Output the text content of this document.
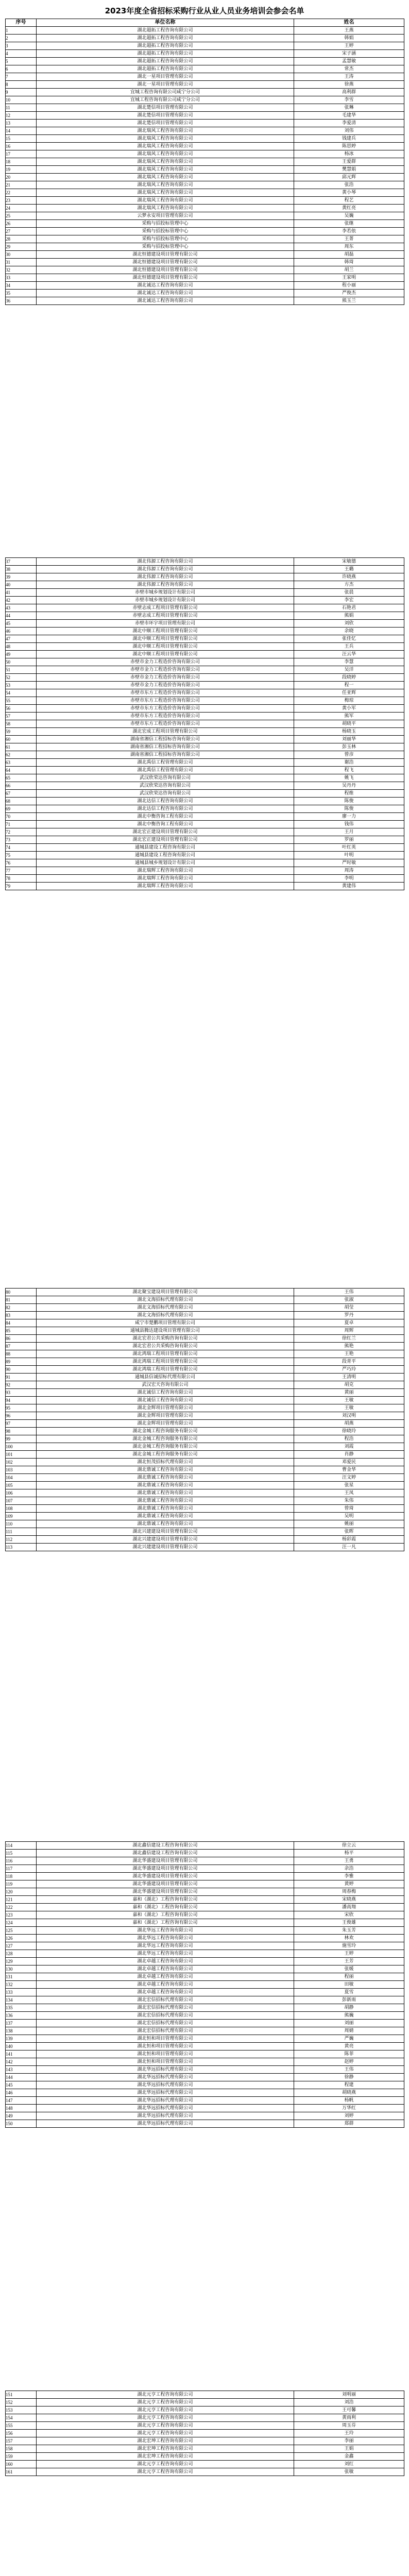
2023年度全省招标采购行业从业人员业务培训会参会名单
序号	单位名称	姓名
1	湖北超拓工程咨询有限公司	王燕
2	湖北超拓工程咨询有限公司	韩娟
3	湖北超拓工程咨询有限公司	王婷
4	湖北超拓工程咨询有限公司	宋子涵
5	湖北超拓工程咨询有限公司	孟慧敏
6	湖北超拓工程咨询有限公司	常杰
7	湖北一星项目管理有限公司	王涛
8	湖北一星项目管理有限公司	徐燕
9	宜城工程咨询有限公司咸宁分公司	高利群
10	宜城工程咨询有限公司咸宁分公司	李雪
11	湖北楚信项目管理有限公司	张琳
12	湖北楚信项目管理有限公司	毛建华
13	湖北楚信项目管理有限公司	李爱清
14	湖北瑞风工程咨询有限公司	刘伟
15	湖北瑞风工程咨询有限公司	钱建兵
16	湖北瑞风工程咨询有限公司	陈思婷
17	湖北瑞风工程咨询有限公司	杨冰
18	湖北瑞风工程咨询有限公司	王爱群
19	湖北瑞风工程咨询有限公司	樊慧娟
20	湖北瑞风工程咨询有限公司	邱元辉
21	湖北瑞风工程咨询有限公司	张浩
22	湖北瑞风工程咨询有限公司	黄小琴
23	湖北瑞风工程咨询有限公司	程艺
24	湖北瑞风工程咨询有限公司	黄红亮
25	云梦永安项目管理有限公司	吴巍
26	采购与招投标管理中心	张继
27	采购与招投标管理中心	李若依
28	采购与招投标管理中心	王菁
29	采购与招投标管理中心	周东
30	湖北恒德建设项目管理有限公司	胡磊
31	湖北恒德建设项目管理有限公司	韩琦
32	湖北恒德建设项目管理有限公司	胡兰
33	湖北恒德建设项目管理有限公司	王家明
34	湖北诚达工程咨询有限公司	程小丽
35	湖北诚达工程咨询有限公司	严俊杰
36	湖北诚达工程咨询有限公司	熊玉兰
37	湖北伟源工程咨询有限公司	宋敏德
38	湖北伟源工程咨询有限公司	王璐
39	湖北伟源工程咨询有限公司	许晓燕
40	湖北伟源工程咨询有限公司	方杰
41	赤壁市城乡规划设计有限公司	张晨
42	赤壁市城乡规划设计有限公司	李宏
43	赤壁志成工程项目管理有限公司	石艳君
44	赤壁志成工程项目管理有限公司	熊娟
45	赤壁市环宇项目管理有限公司	刘欣
46	湖北中顺工程项目管理有限公司	余晓
47	湖北中顺工程项目管理有限公司	张佳忆
48	湖北中顺工程项目管理有限公司	王兵
49	湖北中顺工程项目管理有限公司	汪云华
50	赤壁市金力工程造价咨询有限公司	李慧
51	赤壁市金力工程造价咨询有限公司	吴洋
52	赤壁市金力工程造价咨询有限公司	段晓婷
53	赤壁市金力工程造价咨询有限公司	程一
54	赤壁市东方工程造价咨询有限公司	任亚辉
55	赤壁市东方工程造价咨询有限公司	梅琼
56	赤壁市东方工程造价咨询有限公司	黄小军
57	赤壁市东方工程造价咨询有限公司	熊军
58	赤壁市东方工程造价咨询有限公司	胡晓平
59	湖北宏成工程项目管理有限公司	杨晓玉
60	湖南省湘信工程招标咨询有限公司	刘丽华
61	湖南省湘信工程招标咨询有限公司	彭玉林
62	湖南省湘信工程招标咨询有限公司	曾彦
63	湖北禹信工程管理有限公司	谢浩
64	湖北禹信工程管理有限公司	程飞
65	武汉欣荣达咨询有限公司	姚飞
66	武汉欣荣达咨询有限公司	吴丹丹
67	武汉欣荣达咨询有限公司	程维
68	湖北达信工程咨询有限公司	陈俊
69	湖北达信工程咨询有限公司	陈俊
70	湖北中衡咨询工程有限公司	廖一力
71	湖北中衡咨询工程有限公司	钱伟
72	湖北宏正建设项目管理有限公司	王月
73	湖北宏正建设项目管理有限公司	罗丽
74	通城县建设工程咨询有限公司	叶红英
75	通城县建设工程咨询有限公司	叶明
76	通城县城乡规划设计有限公司	严时敏
77	湖北瑞辉工程咨询有限公司	周涛
78	湖北瑞辉工程咨询有限公司	李明
79	湖北瑞辉工程咨询有限公司	黄建伟
80	湖北聚宝建设项目管理有限公司	王伟
81	湖北文海招标代理有限公司	张淑
82	湖北文海招标代理有限公司	胡莹
83	湖北文海招标代理有限公司	罗丹
84	咸宁市楚鹏项目管理有限公司	夏卓
85	通城县腾达建设项目管理有限公司	周辉
86	湖北宏君公共采购咨询有限公司	徐红兰
87	湖北宏君公共采购咨询有限公司	熊艳
88	湖北鸿瑞工程项目管理有限公司	王艳
89	湖北鸿瑞工程项目管理有限公司	段青平
90	湖北鸿瑞工程项目管理有限公司	严巧玲
91	通城县信诚招标代理有限公司	王清明
92	武汉宏天咨询有限公司	胡克
93	湖北诚信工程咨询有限公司	黄丽
94	湖北诚信工程咨询有限公司	王敏
95	湖北金辉项目管理有限公司	王敏
96	湖北金辉项目管理有限公司	刘汉明
97	湖北金辉项目管理有限公司	胡燕
98	湖北金城工程咨询服务有限公司	徐晓玲
99	湖北金城工程咨询服务有限公司	程浩
100	湖北金城工程咨询服务有限公司	刘霞
101	湖北金城工程咨询服务有限公司	肖静
102	湖北恒茂招标代理有限公司	邓爱民
103	湖北鼎诚工程咨询有限公司	曹金华
104	湖北鼎诚工程咨询有限公司	汪文婷
105	湖北鼎诚工程咨询有限公司	张星
106	湖北鼎诚工程咨询有限公司	王凤
107	湖北鼎诚工程咨询有限公司	朱伟
108	湖北鼎诚工程咨询有限公司	曾琦
109	湖北鼎诚工程咨询有限公司	吴明
110	湖北鼎诚工程咨询有限公司	姚丽
111	湖北兴建建设项目管理有限公司	张晖
112	湖北兴建建设项目管理有限公司	杨彩霞
113	湖北兴建建设项目管理有限公司	汪一凡
114	湖北鑫信建设工程咨询有限公司	徐立云
115	湖北鑫信建设工程咨询有限公司	杨平
116	湖北华盛建设项目管理有限公司	王勇
117	湖北华盛建设项目管理有限公司	余浩
118	湖北华盛建设项目管理有限公司	李雅
119	湖北华盛建设项目管理有限公司	黄婷
120	湖北华盛建设项目管理有限公司	周春梅
121	嘉和（湖北）工程咨询有限公司	宋晓燕
122	嘉和（湖北）工程咨询有限公司	潘高翔
123	嘉和（湖北）工程咨询有限公司	宋欣
124	嘉和（湖北）工程咨询有限公司	王俊雄
125	湖北华远工程咨询有限公司	朱玉芳
126	湖北华远工程咨询有限公司	林欢
127	湖北华远工程咨询有限公司	施雪玲
128	湖北华远工程咨询有限公司	王婷
129	湖北卓越工程咨询有限公司	王芳
130	湖北卓越工程咨询有限公司	张媛
131	湖北卓越工程咨询有限公司	程丽
132	湖北卓越工程咨询有限公司	田敏
133	湖北卓越工程咨询有限公司	夏雪
134	湖北宏信招标代理有限公司	彭新雨
135	湖北宏信招标代理有限公司	胡静
136	湖北宏信招标代理有限公司	熊巍
137	湖北宏信招标代理有限公司	刘丽
138	湖北宏信招标代理有限公司	周婧
139	湖北恒和项目管理有限公司	严巍
140	湖北恒和项目管理有限公司	黄亮
141	湖北恒和项目管理有限公司	陈菲
142	湖北恒和项目管理有限公司	赵婷
143	湖北华远招标代理有限公司	王伟
144	湖北华远招标代理有限公司	徐静
145	湖北华远招标代理有限公司	程建
146	湖北华远招标代理有限公司	胡晓燕
147	湖北华远招标代理有限公司	杨帆
148	湖北华远招标代理有限公司	万华红
149	湖北华远招标代理有限公司	刘婷
150	湖北华远招标代理有限公司	郑群
151	湖北元亨工程咨询有限公司	刘明丽
152	湖北元亨工程咨询有限公司	刘浩
153	湖北元亨工程咨询有限公司	王可馨
154	湖北元亨工程咨询有限公司	黄雨利
155	湖北元亨工程咨询有限公司	周玉芬
156	湖北元亨工程咨询有限公司	王玲
157	湖北宏坤工程咨询有限公司	李丽
158	湖北宏坤工程咨询有限公司	王娟
159	湖北宏坤工程咨询有限公司	金鑫
160	湖北元亨工程咨询有限公司	刘红
161	湖北元亨工程咨询有限公司	张敏
